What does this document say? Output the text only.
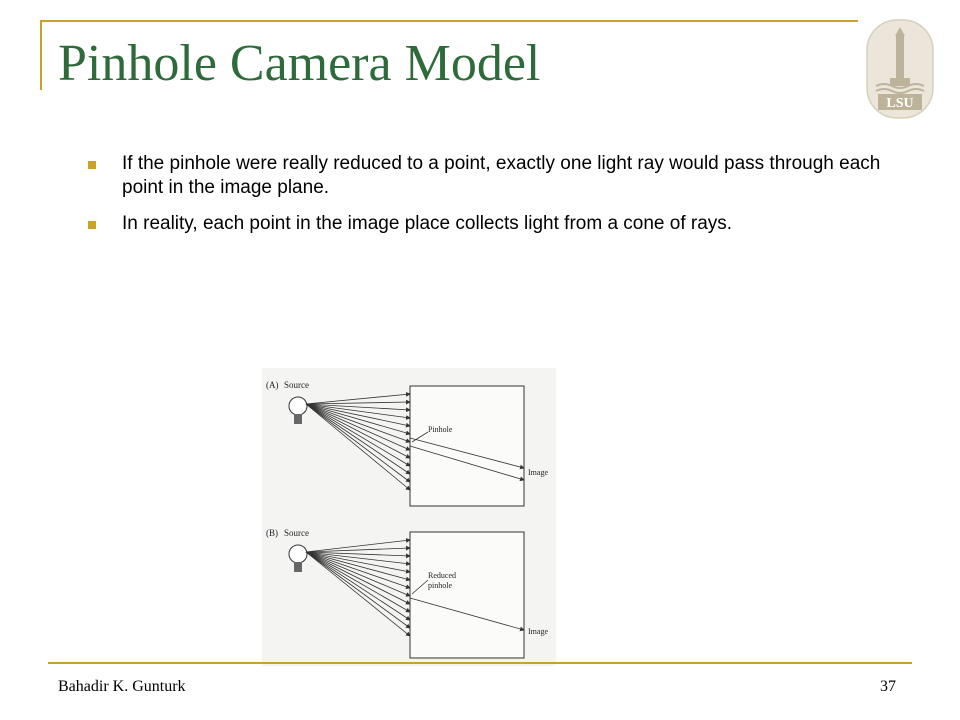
Pinhole Camera Model
LSU
If the pinhole were really reduced to a point, exactly one light ray would pass through each point in the image plane.
In reality, each point in the image place collects light from a cone of rays.
(A) Source
Pinhole
Image
(B) Source
Reduced
pinhole
Image
Bahadir K. Gunturk	37
